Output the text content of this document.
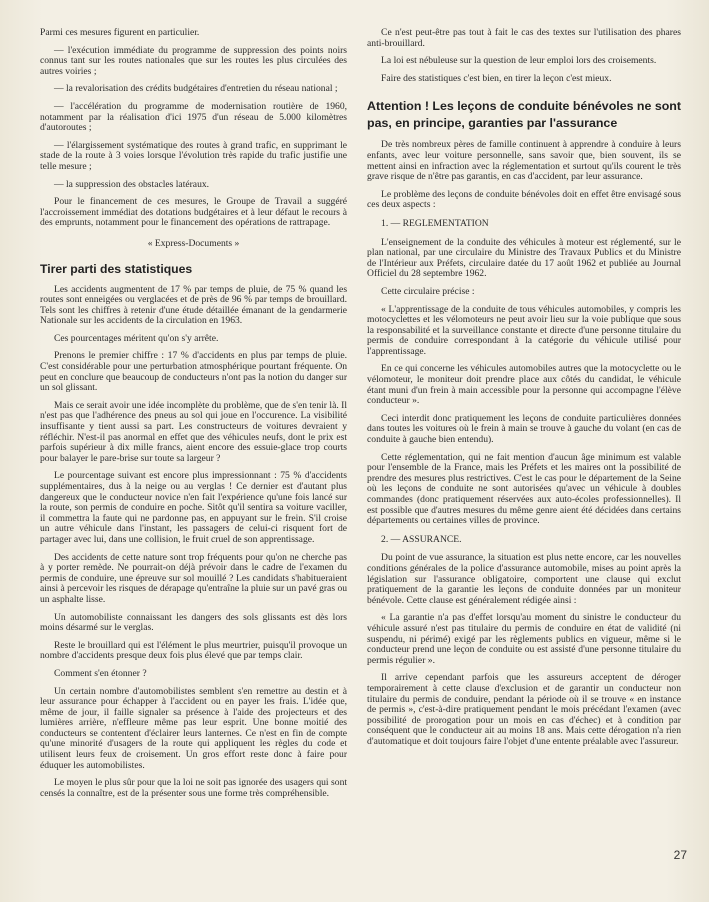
Parmi ces mesures figurent en particulier.

— l'exécution immédiate du programme de suppression des points noirs connus tant sur les routes nationales que sur les routes les plus circulées des autres voiries ;

— la revalorisation des crédits budgétaires d'entretien du réseau national ;

— l'accélération du programme de modernisation routière de 1960, notamment par la réalisation d'ici 1975 d'un réseau de 5.000 kilomètres d'autoroutes ;

— l'élargissement systématique des routes à grand trafic, en supprimant le stade de la route à 3 voies lorsque l'évolution très rapide du trafic justifie une telle mesure ;

— la suppression des obstacles latéraux.

Pour le financement de ces mesures, le Groupe de Travail a suggéré l'accroissement immédiat des dotations budgétaires et à leur défaut le recours à des emprunts, notamment pour le financement des opérations de rattrapage.

« Express-Documents »

Tirer parti des statistiques

Les accidents augmentent de 17 % par temps de pluie, de 75 % quand les routes sont enneigées ou verglacées et de près de 96 % par temps de brouillard. Tels sont les chiffres à retenir d'une étude détaillée émanant de la gendarmerie Nationale sur les accidents de la circulation en 1963.

Ces pourcentages méritent qu'on s'y arrête.

Prenons le premier chiffre : 17 % d'accidents en plus par temps de pluie. C'est considérable pour une perturbation atmosphérique pourtant fréquente. On peut en conclure que beaucoup de conducteurs n'ont pas la notion du danger sur un sol glissant.

Mais ce serait avoir une idée incomplète du problème, que de s'en tenir là. Il n'est pas que l'adhérence des pneus au sol qui joue en l'occurence. La visibilité insuffisante y tient aussi sa part. Les constructeurs de voitures devraient y réfléchir. N'est-il pas anormal en effet que des véhicules neufs, dont le prix est parfois supérieur à dix mille francs, aient encore des essuie-glace trop courts pour balayer le pare-brise sur toute sa largeur ?

Le pourcentage suivant est encore plus impressionnant : 75 % d'accidents supplémentaires, dus à la neige ou au verglas ! Ce dernier est d'autant plus dangereux que le conducteur novice n'en fait l'expérience qu'une fois lancé sur la route, son permis de conduire en poche. Sitôt qu'il sentira sa voiture vaciller, il commettra la faute qui ne pardonne pas, en appuyant sur le frein. S'il croise un autre véhicule dans l'instant, les passagers de celui-ci risquent fort de partager avec lui, dans une collision, le fruit cruel de son apprentissage.

Des accidents de cette nature sont trop fréquents pour qu'on ne cherche pas à y porter remède. Ne pourrait-on déjà prévoir dans le cadre de l'examen du permis de conduire, une épreuve sur sol mouillé ? Les candidats s'habitueraient ainsi à percevoir les risques de dérapage qu'entraîne la pluie sur un pavé gras ou un asphalte lisse.

Un automobiliste connaissant les dangers des sols glissants est dès lors moins désarmé sur le verglas.

Reste le brouillard qui est l'élément le plus meurtrier, puisqu'il provoque un nombre d'accidents presque deux fois plus élevé que par temps clair.

Comment s'en étonner ?

Un certain nombre d'automobilistes semblent s'en remettre au destin et à leur assurance pour échapper à l'accident ou en payer les frais. L'idée que, même de jour, il faille signaler sa présence à l'aide des projecteurs et des lumières arrière, n'effleure même pas leur esprit. Une bonne moitié des conducteurs se contentent d'éclairer leurs lanternes. Ce n'est en fin de compte qu'une minorité d'usagers de la route qui appliquent les règles du code et utilisent leurs feux de croisement. Un gros effort reste donc à faire pour éduquer les automobilistes.

Le moyen le plus sûr pour que la loi ne soit pas ignorée des usagers qui sont censés la connaître, est de la présenter sous une forme très compréhensible.

Ce n'est peut-être pas tout à fait le cas des textes sur l'utilisation des phares anti-brouillard.

La loi est nébuleuse sur la question de leur emploi lors des croisements.

Faire des statistiques c'est bien, en tirer la leçon c'est mieux.

Attention ! Les leçons de conduite bénévoles ne sont pas, en principe, garanties par l'assurance

De très nombreux pères de famille continuent à apprendre à conduire à leurs enfants, avec leur voiture personnelle, sans savoir que, bien souvent, ils se mettent ainsi en infraction avec la réglementation et surtout qu'ils courent le très grave risque de n'être pas garantis, en cas d'accident, par leur assurance.

Le problème des leçons de conduite bénévoles doit en effet être envisagé sous ces deux aspects :

1. — REGLEMENTATION

L'enseignement de la conduite des véhicules à moteur est réglementé, sur le plan national, par une circulaire du Ministre des Travaux Publics et du Ministre de l'Intérieur aux Préfets, circulaire datée du 17 août 1962 et publiée au Journal Officiel du 28 septembre 1962.

Cette circulaire précise :

« L'apprentissage de la conduite de tous véhicules automobiles, y compris les motocyclettes et les vélomoteurs ne peut avoir lieu sur la voie publique que sous la responsabilité et la surveillance constante et directe d'une personne titulaire du permis de conduire correspondant à la catégorie du véhicule utilisé pour l'apprentissage.

En ce qui concerne les véhicules automobiles autres que la motocyclette ou le vélomoteur, le moniteur doit prendre place aux côtés du candidat, le véhicule étant muni d'un frein à main accessible pour la personne qui accompagne l'élève conducteur ».

Ceci interdit donc pratiquement les leçons de conduite particulières données dans toutes les voitures où le frein à main se trouve à gauche du volant (en cas de conduite à gauche bien entendu).

Cette réglementation, qui ne fait mention d'aucun âge minimum est valable pour l'ensemble de la France, mais les Préfets et les maires ont la possibilité de prendre des mesures plus restrictives. C'est le cas pour le département de la Seine où les leçons de conduite ne sont autorisées qu'avec un véhicule à doubles commandes (donc pratiquement réservées aux auto-écoles professionnelles). Il est possible que d'autres mesures du même genre aient été décidées dans certains départements ou certaines villes de province.

2. — ASSURANCE.

Du point de vue assurance, la situation est plus nette encore, car les nouvelles conditions générales de la police d'assurance automobile, mises au point après la législation sur l'assurance obligatoire, comportent une clause qui exclut pratiquement de la garantie les leçons de conduite données par un moniteur bénévole. Cette clause est généralement rédigée ainsi :

« La garantie n'a pas d'effet lorsqu'au moment du sinistre le conducteur du véhicule assuré n'est pas titulaire du permis de conduire en état de validité (ni suspendu, ni périmé) exigé par les règlements publics en vigueur, même si le conducteur prend une leçon de conduite ou est assisté d'une personne titulaire du permis régulier ».

Il arrive cependant parfois que les assureurs acceptent de déroger temporairement à cette clause d'exclusion et de garantir un conducteur non titulaire du permis de conduire, pendant la période où il se trouve « en instance de permis », c'est-à-dire pratiquement pendant le mois précédant l'examen (avec possibilité de prorogation pour un mois en cas d'échec) et à condition par conséquent que le conducteur ait au moins 18 ans. Mais cette dérogation n'a rien d'automatique et doit toujours faire l'objet d'une entente préalable avec l'assureur.

27
